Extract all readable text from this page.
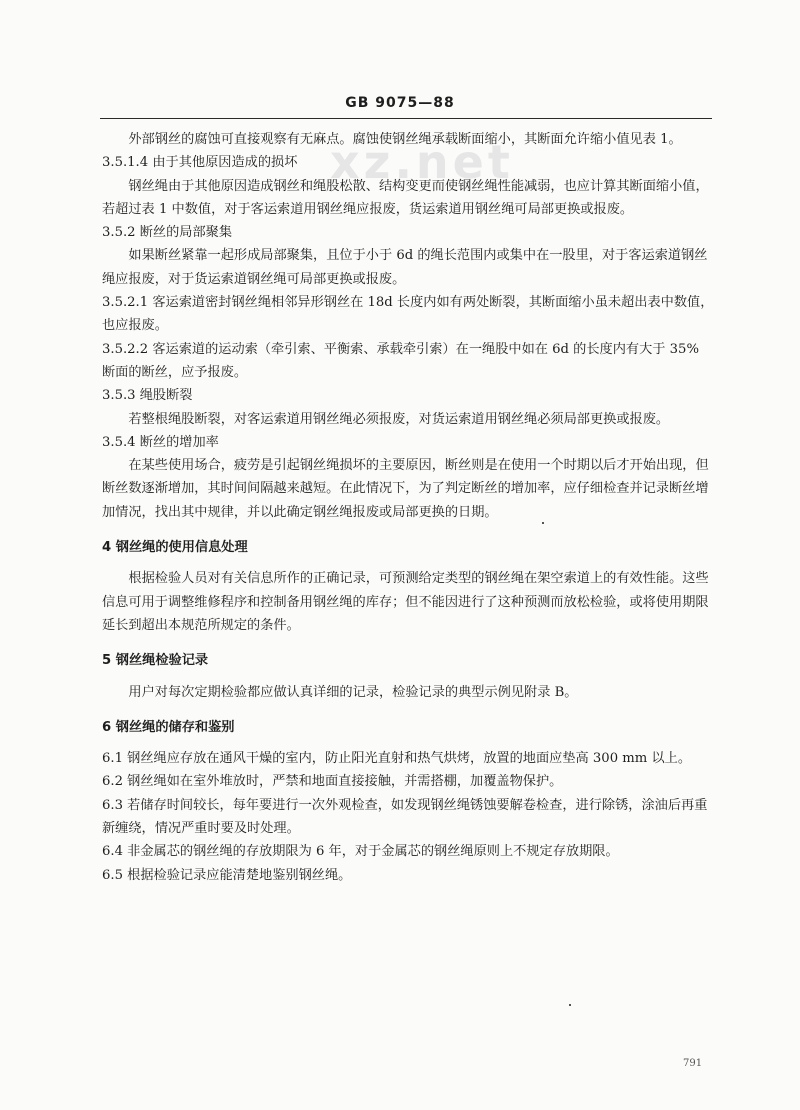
xz.net
GB 9075—88

外部钢丝的腐蚀可直接观察有无麻点。腐蚀使钢丝绳承载断面缩小，其断面允许缩小值见表 1。

3.5.1.4 由于其他原因造成的损坏

钢丝绳由于其他原因造成钢丝和绳股松散、结构变更而使钢丝绳性能减弱，也应计算其断面缩小值，若超过表 1 中数值，对于客运索道用钢丝绳应报废，货运索道用钢丝绳可局部更换或报废。

3.5.2 断丝的局部聚集

如果断丝紧靠一起形成局部聚集，且位于小于 6d 的绳长范围内或集中在一股里，对于客运索道钢丝绳应报废，对于货运索道钢丝绳可局部更换或报废。

3.5.2.1 客运索道密封钢丝绳相邻异形钢丝在 18d 长度内如有两处断裂，其断面缩小虽未超出表中数值，也应报废。

3.5.2.2 客运索道的运动索（牵引索、平衡索、承载牵引索）在一绳股中如在 6d 的长度内有大于 35% 断面的断丝，应予报废。

3.5.3 绳股断裂

若整根绳股断裂，对客运索道用钢丝绳必须报废，对货运索道用钢丝绳必须局部更换或报废。

3.5.4 断丝的增加率

在某些使用场合，疲劳是引起钢丝绳损坏的主要原因，断丝则是在使用一个时期以后才开始出现，但断丝数逐渐增加，其时间间隔越来越短。在此情况下，为了判定断丝的增加率，应仔细检查并记录断丝增加情况，找出其中规律，并以此确定钢丝绳报废或局部更换的日期。

4 钢丝绳的使用信息处理

根据检验人员对有关信息所作的正确记录，可预测给定类型的钢丝绳在架空索道上的有效性能。这些信息可用于调整维修程序和控制备用钢丝绳的库存；但不能因进行了这种预测而放松检验，或将使用期限延长到超出本规范所规定的条件。

5 钢丝绳检验记录

用户对每次定期检验都应做认真详细的记录，检验记录的典型示例见附录 B。

6 钢丝绳的储存和鉴别

6.1 钢丝绳应存放在通风干燥的室内，防止阳光直射和热气烘烤，放置的地面应垫高 300 mm 以上。

6.2 钢丝绳如在室外堆放时，严禁和地面直接接触，并需搭棚，加覆盖物保护。

6.3 若储存时间较长，每年要进行一次外观检查，如发现钢丝绳锈蚀要解卷检查，进行除锈，涂油后再重新缠绕，情况严重时要及时处理。

6.4 非金属芯的钢丝绳的存放期限为 6 年，对于金属芯的钢丝绳原则上不规定存放期限。

6.5 根据检验记录应能清楚地鉴别钢丝绳。

791
